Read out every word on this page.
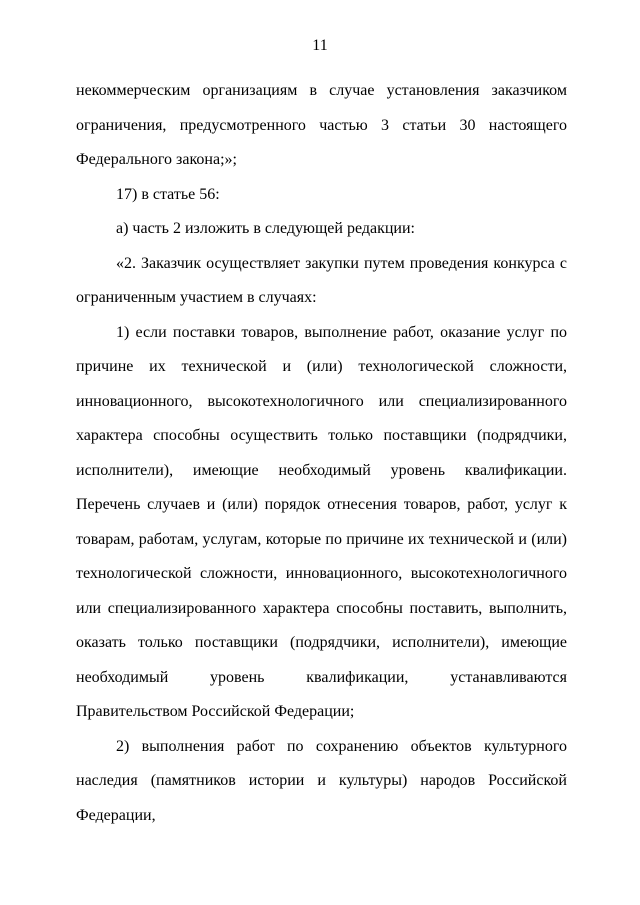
11

некоммерческим организациям в случае установления заказчиком ограничения, предусмотренного частью 3 статьи 30 настоящего Федерального закона;»;

17) в статье 56:

а) часть 2 изложить в следующей редакции:

«2. Заказчик осуществляет закупки путем проведения конкурса с ограниченным участием в случаях:

1) если поставки товаров, выполнение работ, оказание услуг по причине их технической и (или) технологической сложности, инновационного, высокотехнологичного или специализированного характера способны осуществить только поставщики (подрядчики, исполнители), имеющие необходимый уровень квалификации. Перечень случаев и (или) порядок отнесения товаров, работ, услуг к товарам, работам, услугам, которые по причине их технической и (или) технологической сложности, инновационного, высокотехнологичного или специализированного характера способны поставить, выполнить, оказать только поставщики (подрядчики, исполнители), имеющие необходимый уровень квалификации, устанавливаются Правительством Российской Федерации;

2) выполнения работ по сохранению объектов культурного наследия (памятников истории и культуры) народов Российской Федерации,
